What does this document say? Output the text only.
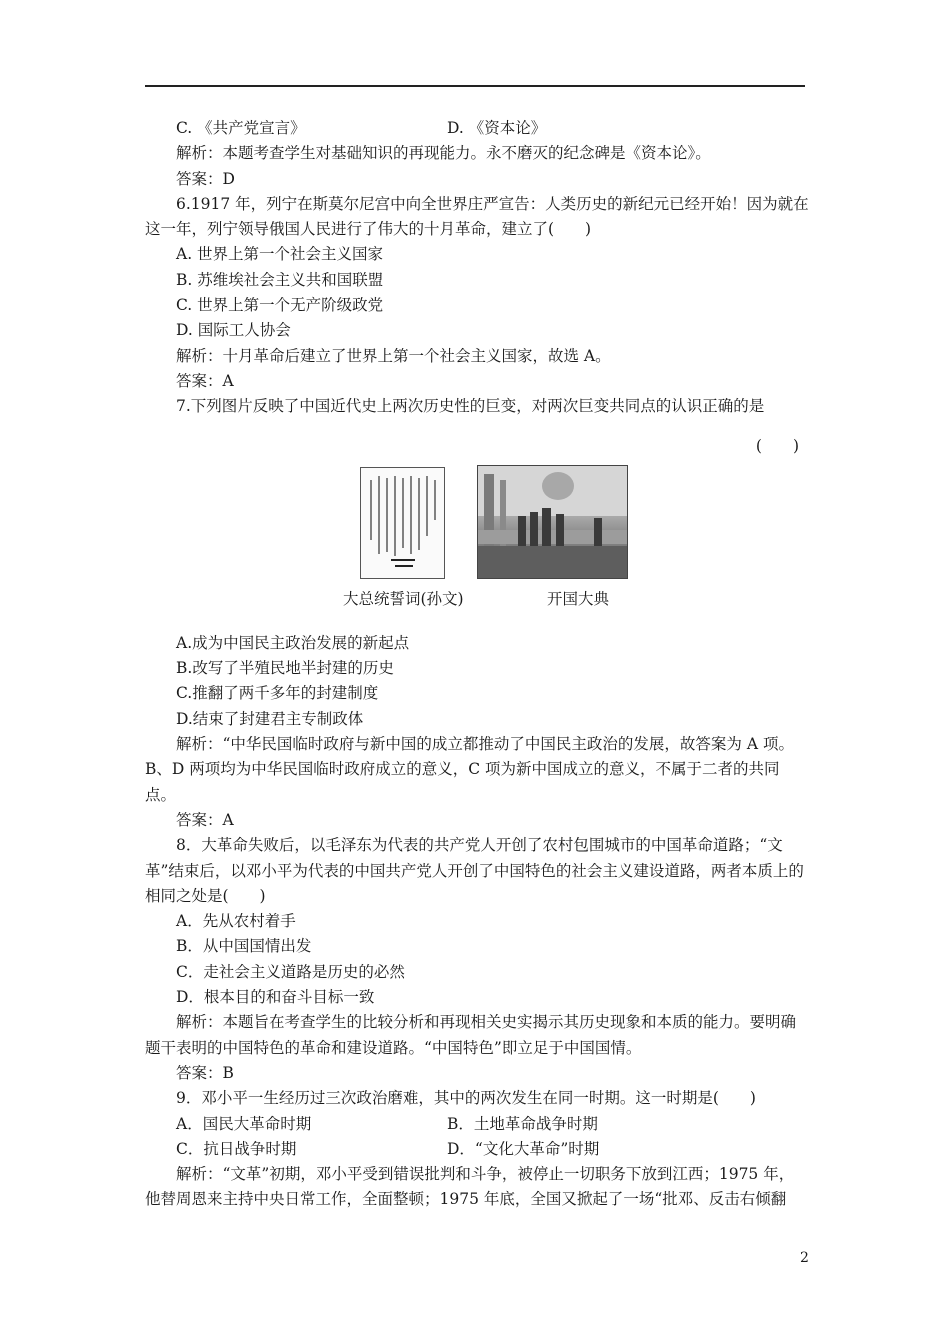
C. 《共产党宣言》	D. 《资本论》

解析：本题考查学生对基础知识的再现能力。永不磨灭的纪念碑是《资本论》。

答案：D

6.1917 年，列宁在斯莫尔尼宫中向全世界庄严宣告：人类历史的新纪元已经开始！因为就在这一年，列宁领导俄国人民进行了伟大的十月革命，建立了(　　)

A. 世界上第一个社会主义国家

B. 苏维埃社会主义共和国联盟

C. 世界上第一个无产阶级政党

D. 国际工人协会

解析：十月革命后建立了世界上第一个社会主义国家，故选 A。

答案：A

7.下列图片反映了中国近代史上两次历史性的巨变，对两次巨变共同点的认识正确的是

(　　)
大总统誓词(孙文)	开国大典

A.成为中国民主政治发展的新起点

B.改写了半殖民地半封建的历史

C.推翻了两千多年的封建制度

D.结束了封建君主专制政体

解析：“中华民国临时政府与新中国的成立都推动了中国民主政治的发展，故答案为 A 项。B、D 两项均为中华民国临时政府成立的意义，C 项为新中国成立的意义，不属于二者的共同点。

答案：A

8．大革命失败后，以毛泽东为代表的共产党人开创了农村包围城市的中国革命道路；“文革”结束后，以邓小平为代表的中国共产党人开创了中国特色的社会主义建设道路，两者本质上的相同之处是(　　)

A．先从农村着手

B．从中国国情出发

C．走社会主义道路是历史的必然

D．根本目的和奋斗目标一致

解析：本题旨在考查学生的比较分析和再现相关史实揭示其历史现象和本质的能力。要明确题干表明的中国特色的革命和建设道路。“中国特色”即立足于中国国情。

答案：B

9．邓小平一生经历过三次政治磨难，其中的两次发生在同一时期。这一时期是(　　)

A．国民大革命时期	B．土地革命战争时期
C．抗日战争时期	D．“文化大革命”时期

解析：“文革”初期，邓小平受到错误批判和斗争，被停止一切职务下放到江西；1975 年，他替周恩来主持中央日常工作，全面整顿；1975 年底，全国又掀起了一场“批邓、反击右倾翻

2
